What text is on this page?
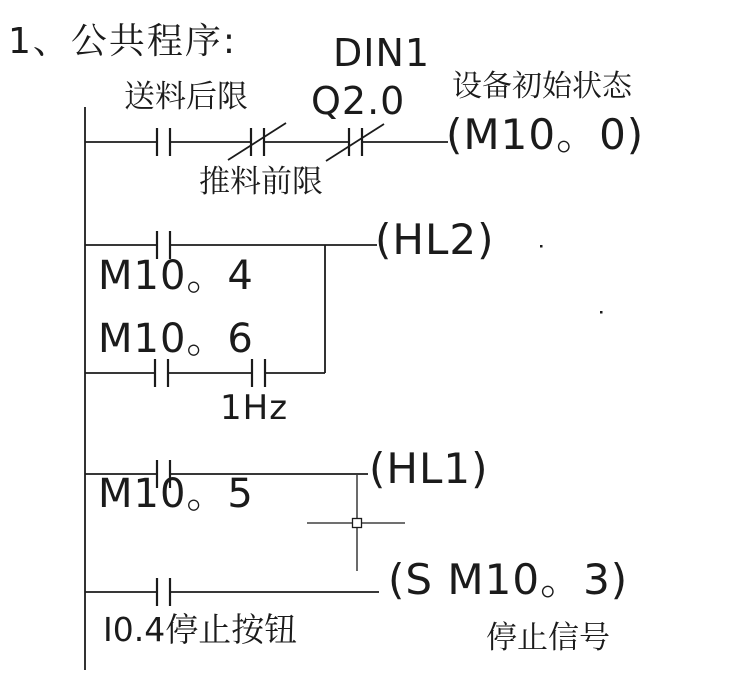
1、公共程序:
送料后限
DIN1
Q2.0 设备初始状态
(M10。0)
推料前限
(HL2)
M10。4
M10。6
1Hz
(HL1)
M10。5
(S M10。3)
I0.4停止按钮	停止信号
